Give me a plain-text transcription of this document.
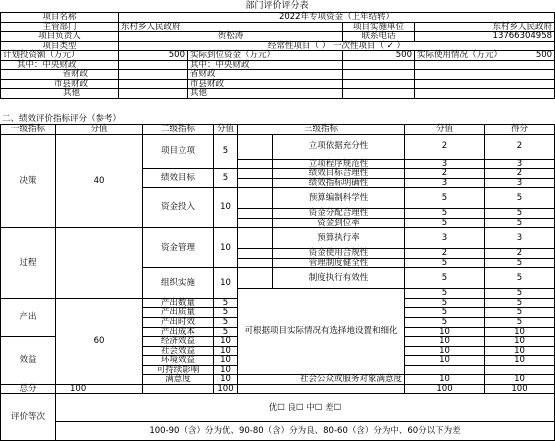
部门评价评分表
项目名称	2022年专项资金（上年结转）			
主管部门	东村乡人民政府		项目实施单位	东村乡人民政府
项目负责人	贺松涛		联系电话	13766304958
项目类型	经常性项目（ ） 一次性项目（ ✓ ）			
计划投资额（万元）	500	实际到位资金（万元）	500	实际使用情况（万元） 500

其中：中央财政		其中：中央财政		
省财政		省财政		
市县财政		市县财政		
其他		其他		
二、绩效评价指标评分（参考）
一级指标	分值	二级指标	分值	三级指标		分值	得分
决策	40	项目立项	5		立项依据充分性	2	2
					立项程序规范性	3	3
		绩效目标	5		绩效目标合理性	2	2
					绩效指标明确性	3	3
		资金投入	10		预算编制科学性	5	5
					资金分配合理性	5	5
					资金到位率	5	5
过程		资金管理	10		预算执行率	3	3
					资金使用合规性	2	2
					管理制度健全性	5	5
		组织实施	10		制度执行有效性	5	5
				可根据项目实际情况有选择地设置和细化		5	5
产出	60	产出数量	5			5	5
		产出质量	5			5	5
		产出时效	5			5	5
		产出成本	5			10	10
效益		经济效益	10			10	10
		社会效益	10			10	10
		环境效益	10			10	10
		可持续影响	10				
		满意度	10	社会公众或服务对象满意度		10	10
总分	100		100			100	100
评价等次	优☐ 良☐ 中☐ 差☐						
	100-90（含）分为优、90-80（含）分为良、80-60（含）分为中、60分以下为差						
